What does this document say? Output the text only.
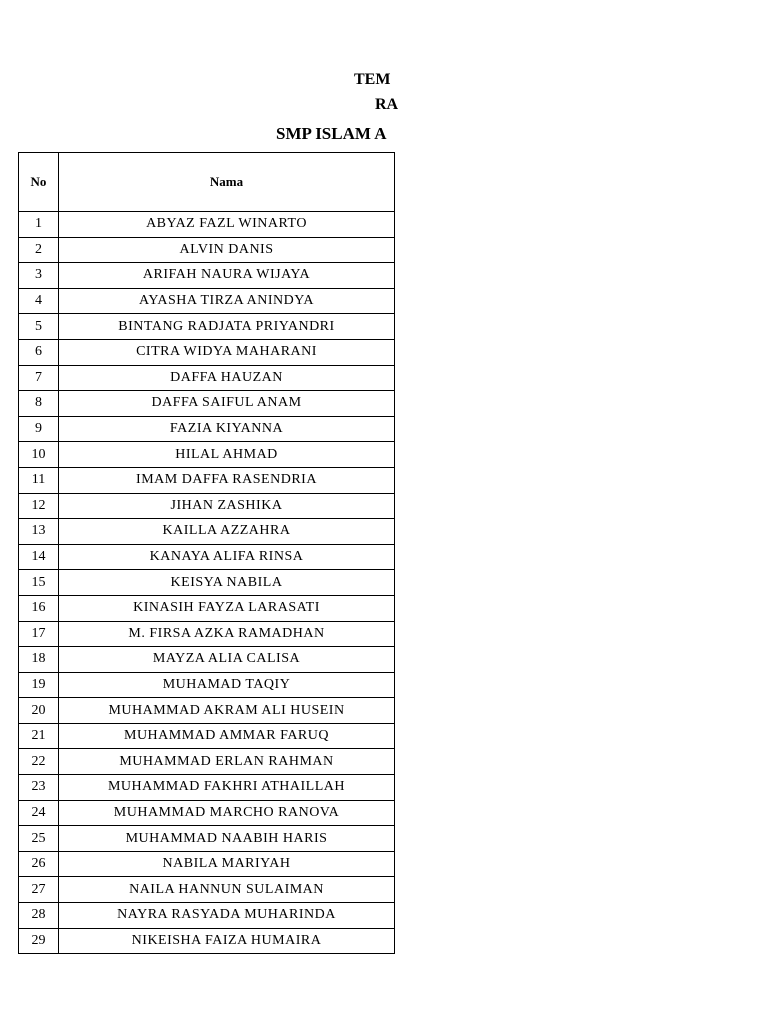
TEM
RA
SMP ISLAM A
No	Nama
1	ABYAZ FAZL WINARTO
2	ALVIN DANIS
3	ARIFAH NAURA WIJAYA
4	AYASHA TIRZA ANINDYA
5	BINTANG RADJATA PRIYANDRI
6	CITRA WIDYA MAHARANI
7	DAFFA HAUZAN
8	DAFFA SAIFUL ANAM
9	FAZIA KIYANNA
10	HILAL AHMAD
11	IMAM DAFFA RASENDRIA
12	JIHAN ZASHIKA
13	KAILLA AZZAHRA
14	KANAYA ALIFA RINSA
15	KEISYA NABILA
16	KINASIH FAYZA LARASATI
17	M. FIRSA AZKA RAMADHAN
18	MAYZA ALIA CALISA
19	MUHAMAD TAQIY
20	MUHAMMAD AKRAM ALI HUSEIN
21	MUHAMMAD AMMAR FARUQ
22	MUHAMMAD ERLAN RAHMAN
23	MUHAMMAD FAKHRI ATHAILLAH
24	MUHAMMAD MARCHO RANOVA
25	MUHAMMAD NAABIH HARIS
26	NABILA MARIYAH
27	NAILA HANNUN SULAIMAN
28	NAYRA RASYADA MUHARINDA
29	NIKEISHA FAIZA HUMAIRA
